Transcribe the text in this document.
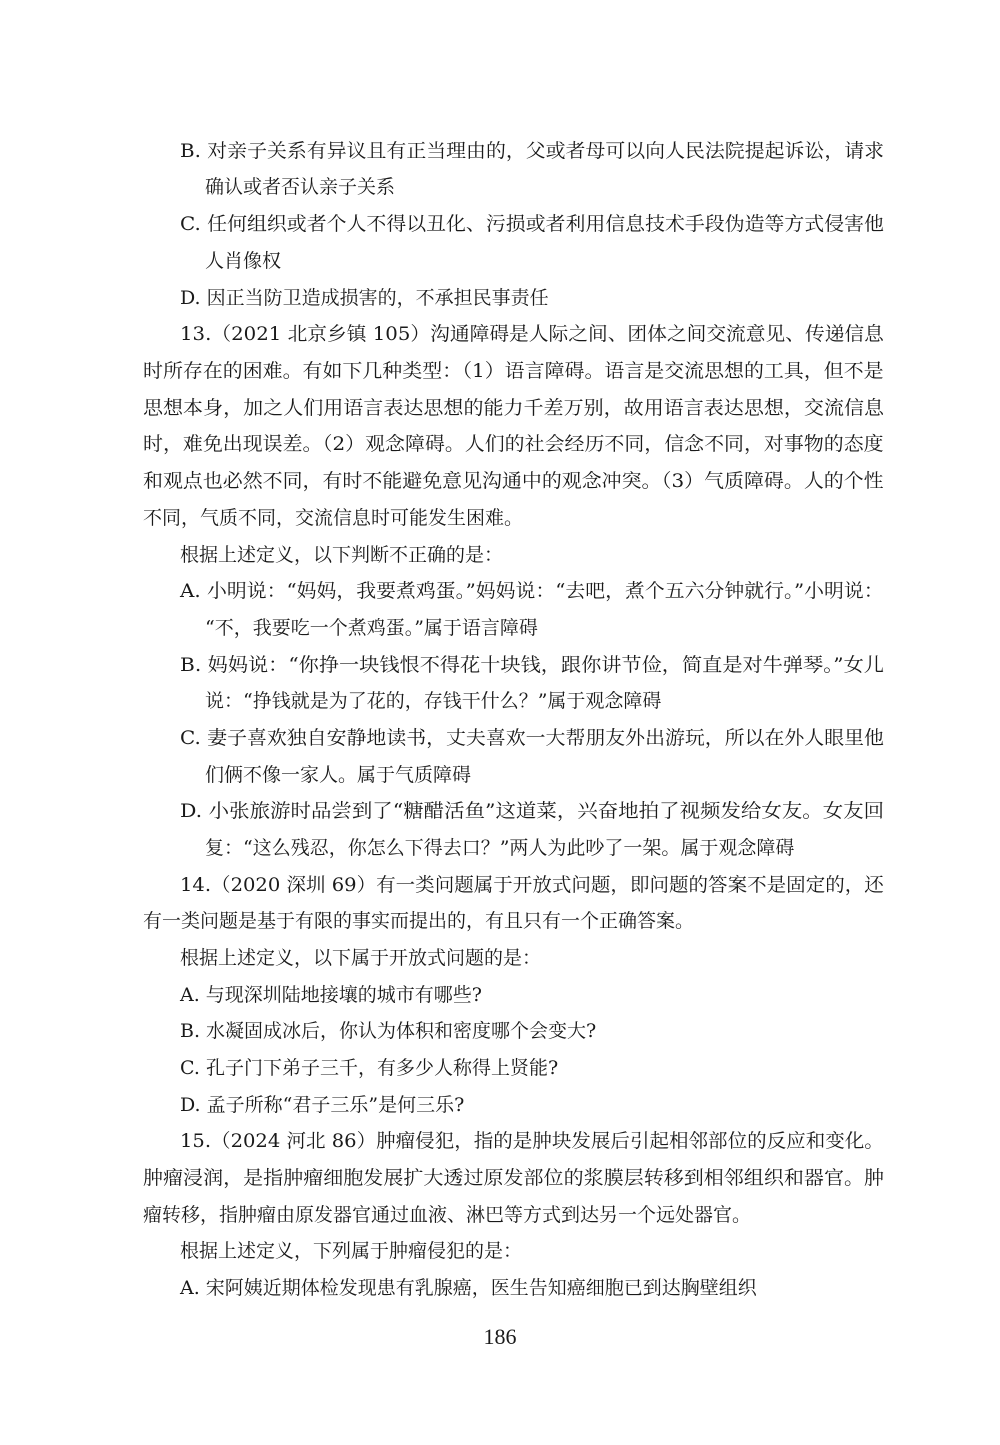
B. 对亲子关系有异议且有正当理由的，父或者母可以向人民法院提起诉讼，请求
确认或者否认亲子关系
C. 任何组织或者个人不得以丑化、污损或者利用信息技术手段伪造等方式侵害他
人肖像权
D. 因正当防卫造成损害的，不承担民事责任
13.（2021 北京乡镇 105）沟通障碍是人际之间、团体之间交流意见、传递信息
时所存在的困难。有如下几种类型：（1）语言障碍。语言是交流思想的工具，但不是
思想本身，加之人们用语言表达思想的能力千差万别，故用语言表达思想，交流信息
时，难免出现误差。（2）观念障碍。人们的社会经历不同，信念不同，对事物的态度
和观点也必然不同，有时不能避免意见沟通中的观念冲突。（3）气质障碍。人的个性
不同，气质不同，交流信息时可能发生困难。
根据上述定义，以下判断不正确的是：
A. 小明说：“妈妈，我要煮鸡蛋。”妈妈说：“去吧，煮个五六分钟就行。”小明说：
“不，我要吃一个煮鸡蛋。”属于语言障碍
B. 妈妈说：“你挣一块钱恨不得花十块钱，跟你讲节俭，简直是对牛弹琴。”女儿
说：“挣钱就是为了花的，存钱干什么？”属于观念障碍
C. 妻子喜欢独自安静地读书，丈夫喜欢一大帮朋友外出游玩，所以在外人眼里他
们俩不像一家人。属于气质障碍
D. 小张旅游时品尝到了“糖醋活鱼”这道菜，兴奋地拍了视频发给女友。女友回
复：“这么残忍，你怎么下得去口？”两人为此吵了一架。属于观念障碍
14.（2020 深圳 69）有一类问题属于开放式问题，即问题的答案不是固定的，还
有一类问题是基于有限的事实而提出的，有且只有一个正确答案。
根据上述定义，以下属于开放式问题的是：
A. 与现深圳陆地接壤的城市有哪些?
B. 水凝固成冰后，你认为体积和密度哪个会变大?
C. 孔子门下弟子三千，有多少人称得上贤能?
D. 孟子所称“君子三乐”是何三乐?
15.（2024 河北 86）肿瘤侵犯，指的是肿块发展后引起相邻部位的反应和变化。
肿瘤浸润，是指肿瘤细胞发展扩大透过原发部位的浆膜层转移到相邻组织和器官。肿
瘤转移，指肿瘤由原发器官通过血液、淋巴等方式到达另一个远处器官。
根据上述定义，下列属于肿瘤侵犯的是：
A. 宋阿姨近期体检发现患有乳腺癌，医生告知癌细胞已到达胸壁组织
186
